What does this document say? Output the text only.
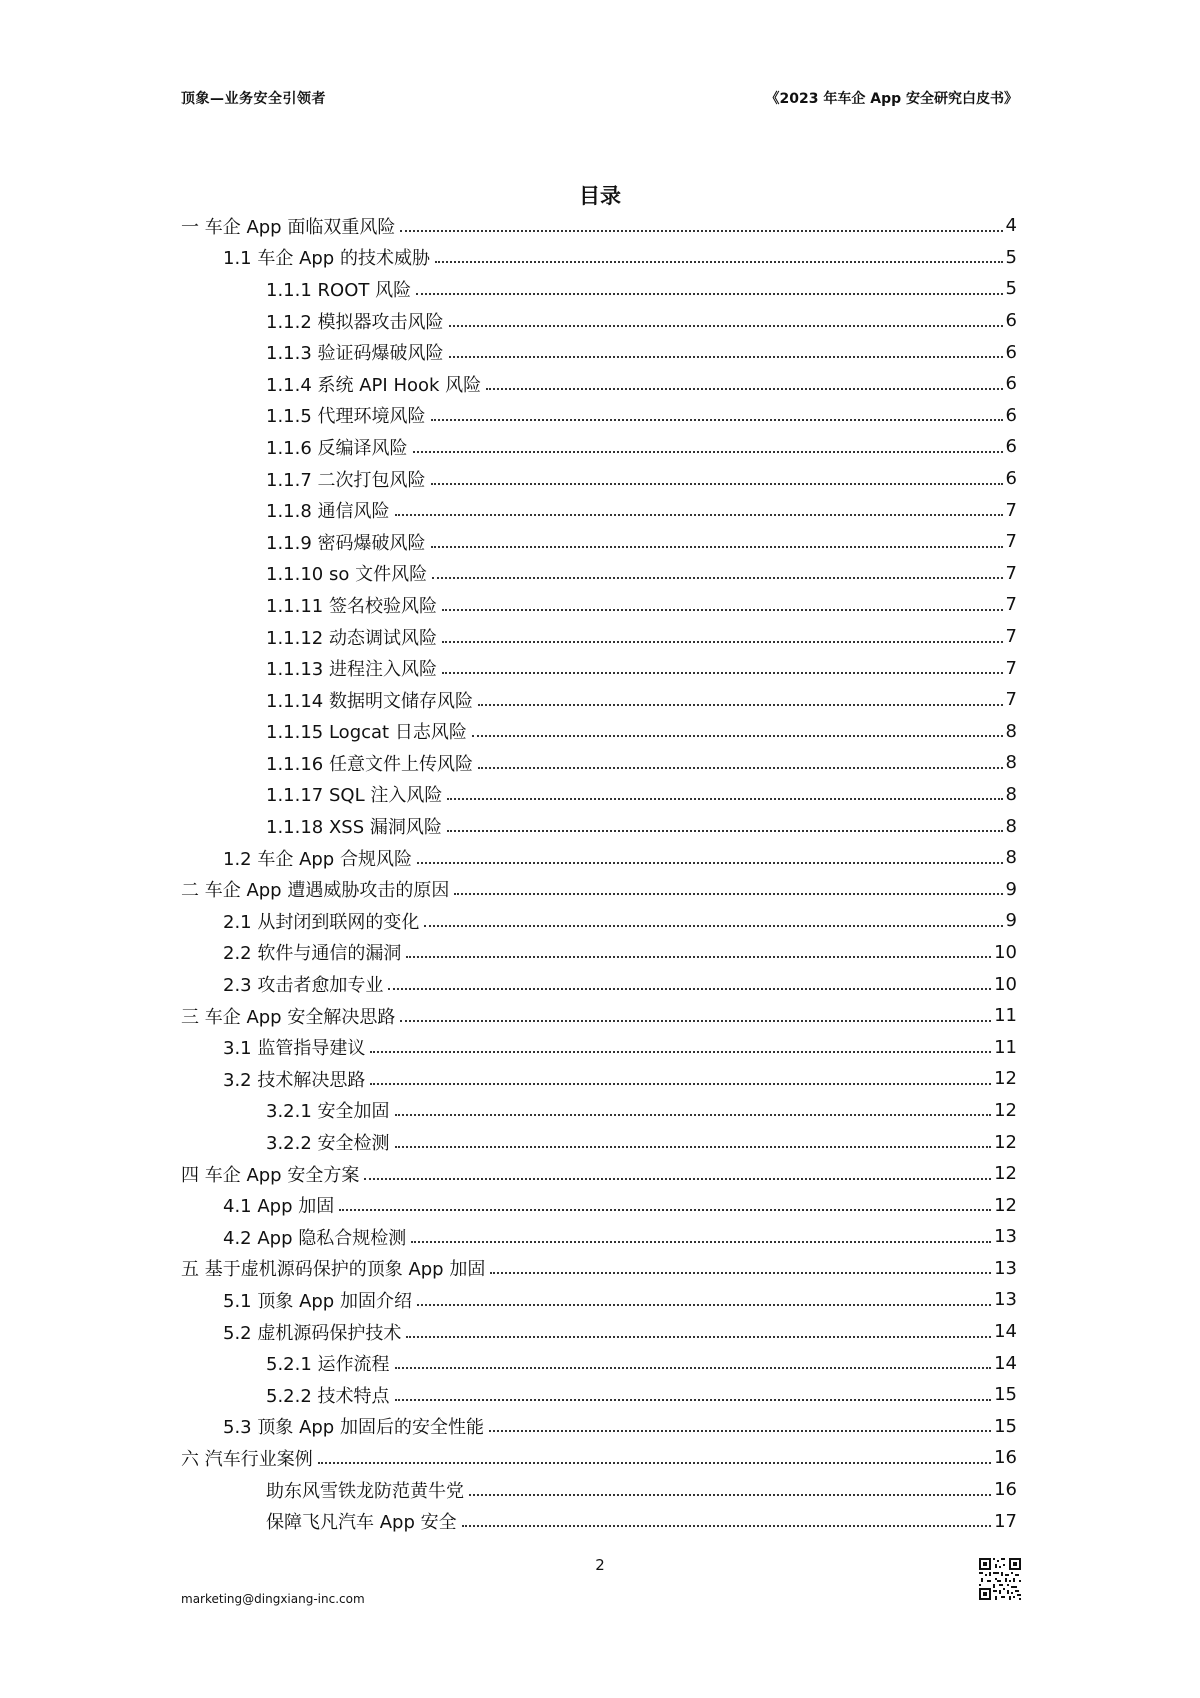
顶象—业务安全引领者	《2023 年车企 App 安全研究白皮书》
目录
一 车企 App 面临双重风险	4
1.1 车企 App 的技术威胁	5
1.1.1 ROOT 风险	5
1.1.2 模拟器攻击风险	6
1.1.3 验证码爆破风险	6
1.1.4 系统 API Hook 风险	6
1.1.5 代理环境风险	6
1.1.6 反编译风险	6
1.1.7 二次打包风险	6
1.1.8 通信风险	7
1.1.9 密码爆破风险	7
1.1.10 so 文件风险	7
1.1.11 签名校验风险	7
1.1.12 动态调试风险	7
1.1.13 进程注入风险	7
1.1.14 数据明文储存风险	7
1.1.15 Logcat 日志风险	8
1.1.16 任意文件上传风险	8
1.1.17 SQL 注入风险	8
1.1.18 XSS 漏洞风险	8
1.2 车企 App 合规风险	8
二 车企 App 遭遇威胁攻击的原因	9
2.1 从封闭到联网的变化	9
2.2 软件与通信的漏洞	10
2.3 攻击者愈加专业	10
三 车企 App 安全解决思路	11
3.1 监管指导建议	11
3.2 技术解决思路	12
3.2.1 安全加固	12
3.2.2 安全检测	12
四 车企 App 安全方案	12
4.1 App 加固	12
4.2 App 隐私合规检测	13
五 基于虚机源码保护的顶象 App 加固	13
5.1 顶象 App 加固介绍	13
5.2 虚机源码保护技术	14
5.2.1 运作流程	14
5.2.2 技术特点	15
5.3 顶象 App 加固后的安全性能	15
六 汽车行业案例	16
助东风雪铁龙防范黄牛党	16
保障飞凡汽车 App 安全	17
2
marketing@dingxiang-inc.com
